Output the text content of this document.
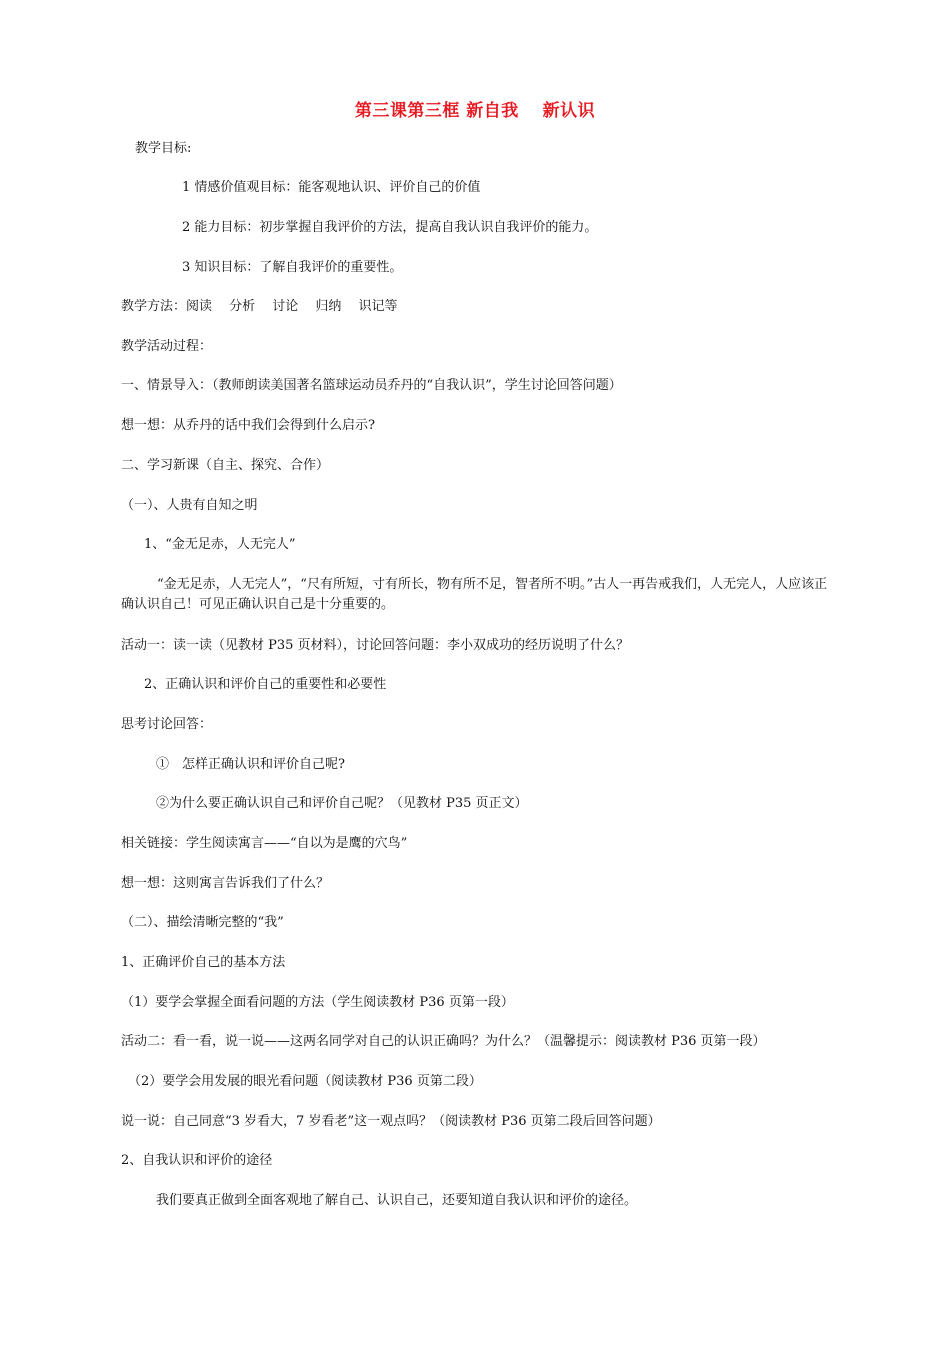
第三课第三框 新自我　 新认识
教学目标:
1 情感价值观目标：能客观地认识、评价自己的价值
2 能力目标：初步掌握自我评价的方法，提高自我认识自我评价的能力。
3 知识目标：了解自我评价的重要性。
教学方法：阅读　 分析　 讨论　 归纳　 识记等
教学活动过程：
一、情景导入：（教师朗读美国著名篮球运动员乔丹的“自我认识”，学生讨论回答问题）
想一想：从乔丹的话中我们会得到什么启示?
二、学习新课（自主、探究、合作）
（一）、人贵有自知之明
1、“金无足赤，人无完人”
“金无足赤，人无完人”，“尺有所短，寸有所长，物有所不足，智者所不明。”古人一再告戒我们，人无完人，人应该正确认识自己！可见正确认识自己是十分重要的。
活动一：读一读（见教材 P35 页材料），讨论回答问题：李小双成功的经历说明了什么？
2、正确认识和评价自己的重要性和必要性
思考讨论回答：
①　怎样正确认识和评价自己呢?
②为什么要正确认识自己和评价自己呢？（见教材 P35 页正文）
相关链接：学生阅读寓言——“自以为是鹰的穴鸟”
想一想：这则寓言告诉我们了什么？
（二）、描绘清晰完整的“我”
1、正确评价自己的基本方法
（1）要学会掌握全面看问题的方法（学生阅读教材 P36 页第一段）
活动二：看一看，说一说——这两名同学对自己的认识正确吗？为什么？（温馨提示：阅读教材 P36 页第一段）
（2）要学会用发展的眼光看问题（阅读教材 P36 页第二段）
说一说：自己同意“3 岁看大，7 岁看老”这一观点吗？（阅读教材 P36 页第二段后回答问题）
2、自我认识和评价的途径
我们要真正做到全面客观地了解自己、认识自己，还要知道自我认识和评价的途径。
